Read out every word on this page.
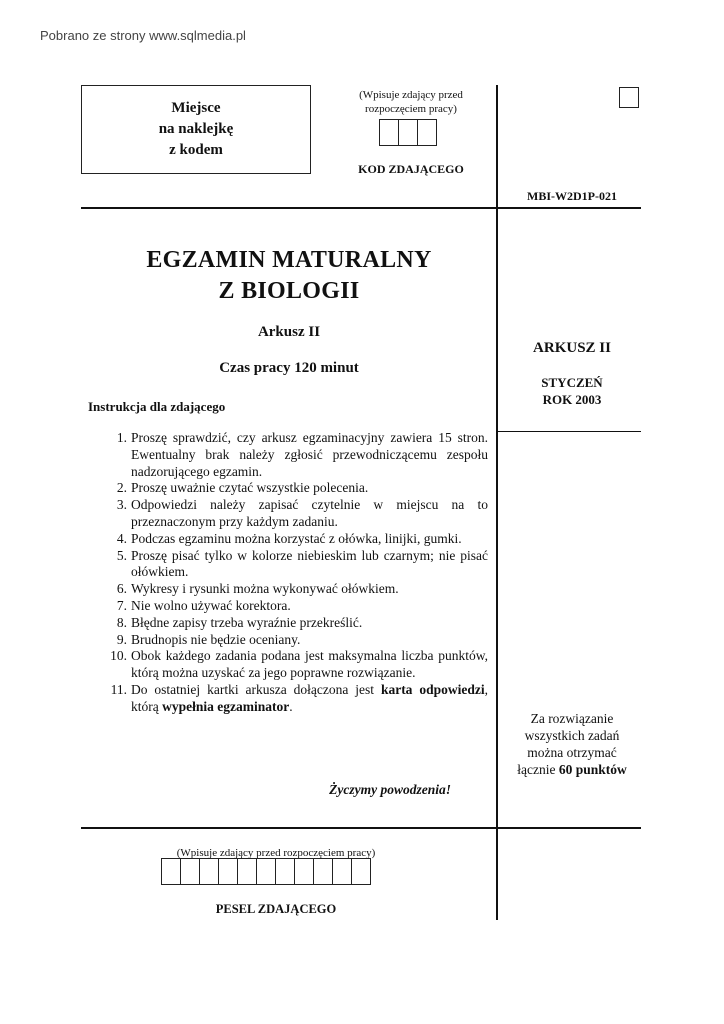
Pobrano ze strony www.sqlmedia.pl
Miejsce
na naklejkę
z kodem
(Wpisuje zdający przed
rozpoczęciem pracy)
KOD ZDAJĄCEGO
MBI-W2D1P-021
EGZAMIN MATURALNY
Z BIOLOGII
Arkusz II
Czas pracy 120 minut
ARKUSZ II
STYCZEŃ
ROK 2003
Instrukcja dla zdającego
1. Proszę sprawdzić, czy arkusz egzaminacyjny zawiera 15 stron. Ewentualny brak należy zgłosić przewodniczącemu zespołu nadzorującego egzamin.
2. Proszę uważnie czytać wszystkie polecenia.
3. Odpowiedzi należy zapisać czytelnie w miejscu na to przeznaczonym przy każdym zadaniu.
4. Podczas egzaminu można korzystać z ołówka, linijki, gumki.
5. Proszę pisać tylko w kolorze niebieskim lub czarnym; nie pisać ołówkiem.
6. Wykresy i rysunki można wykonywać ołówkiem.
7. Nie wolno używać korektora.
8. Błędne zapisy trzeba wyraźnie przekreślić.
9. Brudnopis nie będzie oceniany.
10. Obok każdego zadania podana jest maksymalna liczba punktów, którą można uzyskać za jego poprawne rozwiązanie.
11. Do ostatniej kartki arkusza dołączona jest karta odpowiedzi, którą wypełnia egzaminator.
Życzymy powodzenia!
Za rozwiązanie
wszystkich zadań
można otrzymać
łącznie 60 punktów
(Wpisuje zdający przed rozpoczęciem pracy)
PESEL ZDAJĄCEGO
